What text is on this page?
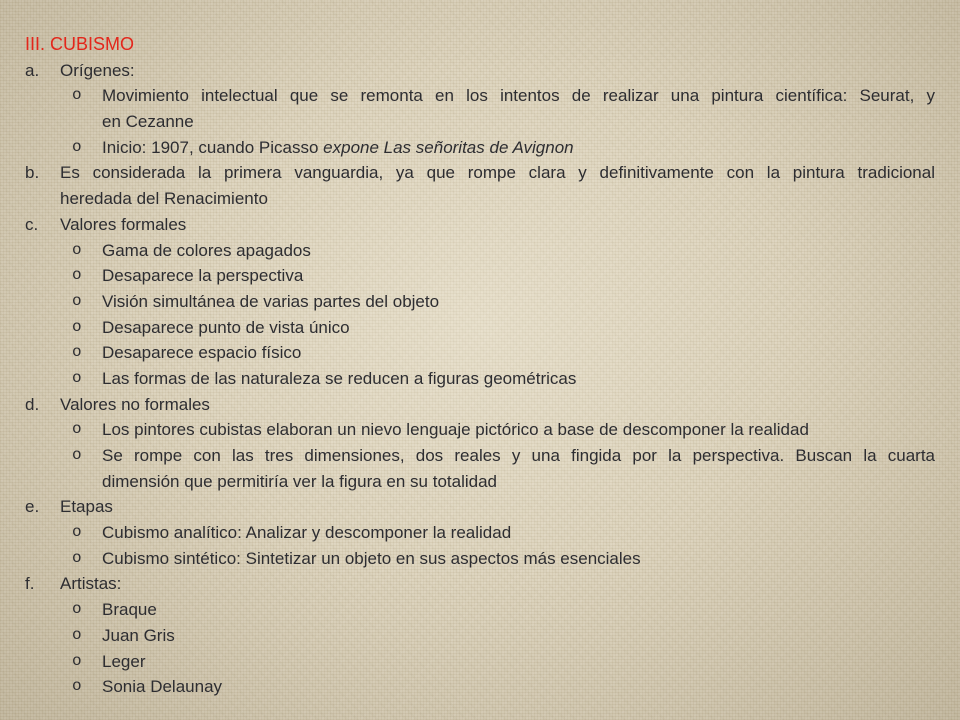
III. CUBISMO
a.	Orígenes:
o	Movimiento intelectual que se remonta en los intentos de realizar una pintura científica: Seurat, y
en Cezanne
o	Inicio: 1907, cuando Picasso expone Las señoritas de Avignon
b.	Es considerada la primera vanguardia, ya que rompe clara y definitivamente con la pintura tradicional
heredada del Renacimiento
c.	Valores formales
o	Gama de colores apagados
o	Desaparece la perspectiva
o	Visión simultánea de varias partes del objeto
o	Desaparece punto de vista único
o	Desaparece espacio físico
o	Las formas de las naturaleza se reducen a figuras geométricas
d.	Valores no formales
o	Los pintores cubistas elaboran un nievo lenguaje pictórico a base de descomponer la realidad
o	Se rompe con las tres dimensiones, dos reales y una fingida por la perspectiva. Buscan la cuarta
dimensión que permitiría ver la figura en su totalidad
e.	Etapas
o	Cubismo analítico: Analizar y descomponer la realidad
o	Cubismo sintético: Sintetizar un objeto en sus aspectos más esenciales
f.	Artistas:
o	Braque
o	Juan Gris
o	Leger
o	Sonia Delaunay
